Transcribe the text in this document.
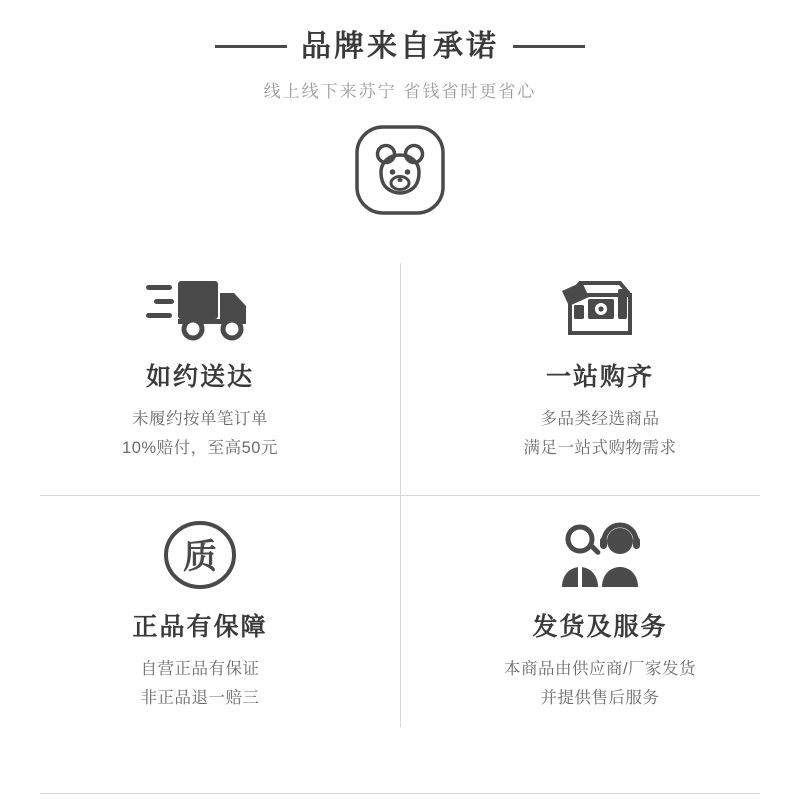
品牌来自承诺
线上线下来苏宁 省钱省时更省心
如约送达
未履约按单笔订单
10%赔付，至高50元
一站购齐
多品类经选商品
满足一站式购物需求
质
正品有保障
自营正品有保证
非正品退一赔三
发货及服务
本商品由供应商/厂家发货
并提供售后服务
